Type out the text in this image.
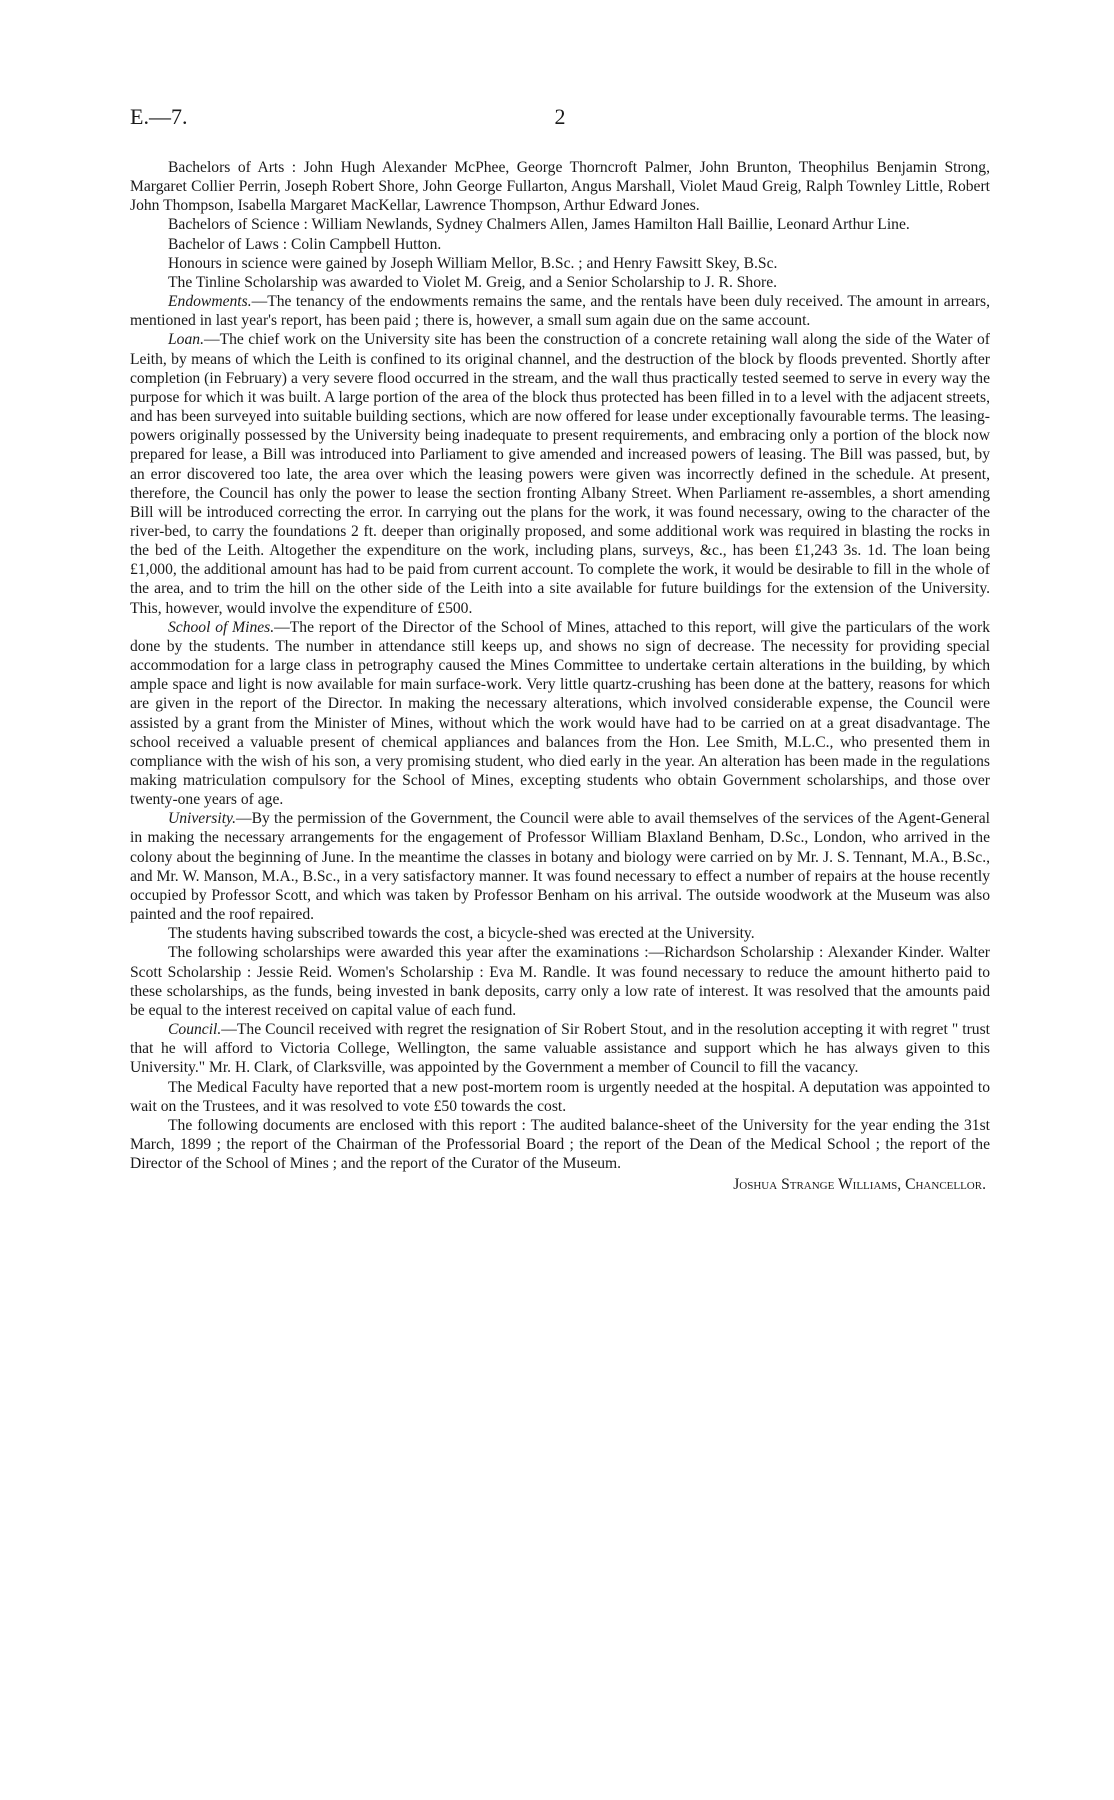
E.—7.	2

Bachelors of Arts : John Hugh Alexander McPhee, George Thorncroft Palmer, John Brunton, Theophilus Benjamin Strong, Margaret Collier Perrin, Joseph Robert Shore, John George Fullarton, Angus Marshall, Violet Maud Greig, Ralph Townley Little, Robert John Thompson, Isabella Margaret MacKellar, Lawrence Thompson, Arthur Edward Jones.

Bachelors of Science : William Newlands, Sydney Chalmers Allen, James Hamilton Hall Baillie, Leonard Arthur Line.

Bachelor of Laws : Colin Campbell Hutton.

Honours in science were gained by Joseph William Mellor, B.Sc. ; and Henry Fawsitt Skey, B.Sc.

The Tinline Scholarship was awarded to Violet M. Greig, and a Senior Scholarship to J. R. Shore.

Endowments.—The tenancy of the endowments remains the same, and the rentals have been duly received. The amount in arrears, mentioned in last year's report, has been paid ; there is, however, a small sum again due on the same account.

Loan.—The chief work on the University site has been the construction of a concrete retaining wall along the side of the Water of Leith, by means of which the Leith is confined to its original channel, and the destruction of the block by floods prevented. Shortly after completion (in February) a very severe flood occurred in the stream, and the wall thus practically tested seemed to serve in every way the purpose for which it was built. A large portion of the area of the block thus protected has been filled in to a level with the adjacent streets, and has been surveyed into suitable building sections, which are now offered for lease under exceptionally favourable terms. The leasing-powers originally possessed by the University being inadequate to present requirements, and embracing only a portion of the block now prepared for lease, a Bill was introduced into Parliament to give amended and increased powers of leasing. The Bill was passed, but, by an error discovered too late, the area over which the leasing powers were given was incorrectly defined in the schedule. At present, therefore, the Council has only the power to lease the section fronting Albany Street. When Parliament re-assembles, a short amending Bill will be introduced correcting the error. In carrying out the plans for the work, it was found necessary, owing to the character of the river-bed, to carry the foundations 2 ft. deeper than originally proposed, and some additional work was required in blasting the rocks in the bed of the Leith. Altogether the expenditure on the work, including plans, surveys, &c., has been £1,243 3s. 1d. The loan being £1,000, the additional amount has had to be paid from current account. To complete the work, it would be desirable to fill in the whole of the area, and to trim the hill on the other side of the Leith into a site available for future buildings for the extension of the University. This, however, would involve the expenditure of £500.

School of Mines.—The report of the Director of the School of Mines, attached to this report, will give the particulars of the work done by the students. The number in attendance still keeps up, and shows no sign of decrease. The necessity for providing special accommodation for a large class in petrography caused the Mines Committee to undertake certain alterations in the building, by which ample space and light is now available for main surface-work. Very little quartz-crushing has been done at the battery, reasons for which are given in the report of the Director. In making the necessary alterations, which involved considerable expense, the Council were assisted by a grant from the Minister of Mines, without which the work would have had to be carried on at a great disadvantage. The school received a valuable present of chemical appliances and balances from the Hon. Lee Smith, M.L.C., who presented them in compliance with the wish of his son, a very promising student, who died early in the year. An alteration has been made in the regulations making matriculation compulsory for the School of Mines, excepting students who obtain Government scholarships, and those over twenty-one years of age.

University.—By the permission of the Government, the Council were able to avail themselves of the services of the Agent-General in making the necessary arrangements for the engagement of Professor William Blaxland Benham, D.Sc., London, who arrived in the colony about the beginning of June. In the meantime the classes in botany and biology were carried on by Mr. J. S. Tennant, M.A., B.Sc., and Mr. W. Manson, M.A., B.Sc., in a very satisfactory manner. It was found necessary to effect a number of repairs at the house recently occupied by Professor Scott, and which was taken by Professor Benham on his arrival. The outside woodwork at the Museum was also painted and the roof repaired.

The students having subscribed towards the cost, a bicycle-shed was erected at the University.

The following scholarships were awarded this year after the examinations :—Richardson Scholarship : Alexander Kinder. Walter Scott Scholarship : Jessie Reid. Women's Scholarship : Eva M. Randle. It was found necessary to reduce the amount hitherto paid to these scholarships, as the funds, being invested in bank deposits, carry only a low rate of interest. It was resolved that the amounts paid be equal to the interest received on capital value of each fund.

Council.—The Council received with regret the resignation of Sir Robert Stout, and in the resolution accepting it with regret " trust that he will afford to Victoria College, Wellington, the same valuable assistance and support which he has always given to this University." Mr. H. Clark, of Clarksville, was appointed by the Government a member of Council to fill the vacancy.

The Medical Faculty have reported that a new post-mortem room is urgently needed at the hospital. A deputation was appointed to wait on the Trustees, and it was resolved to vote £50 towards the cost.

The following documents are enclosed with this report : The audited balance-sheet of the University for the year ending the 31st March, 1899 ; the report of the Chairman of the Professorial Board ; the report of the Dean of the Medical School ; the report of the Director of the School of Mines ; and the report of the Curator of the Museum.

Joshua Strange Williams, Chancellor.
